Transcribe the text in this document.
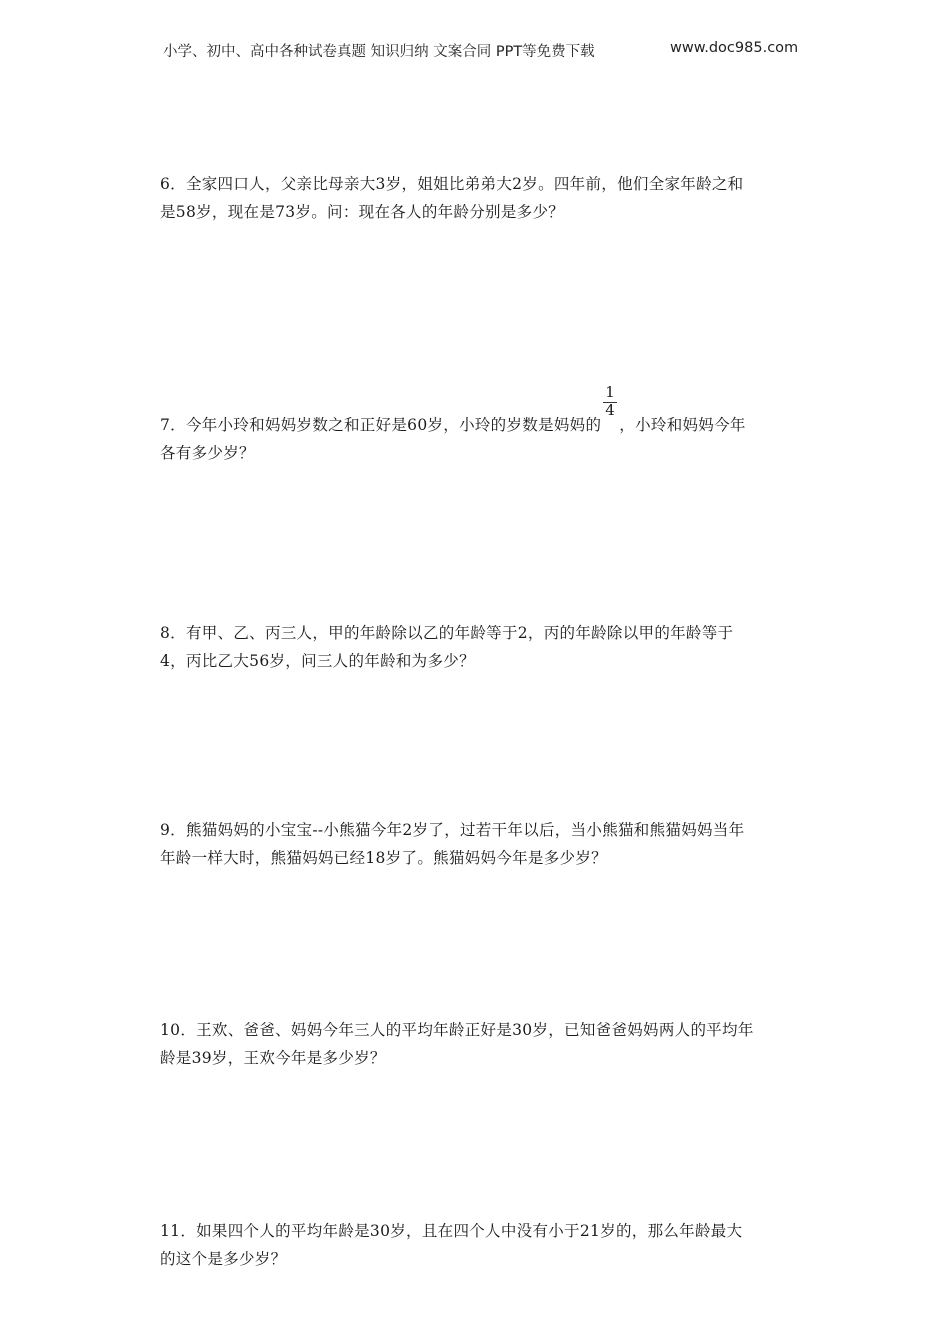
小学、初中、高中各种试卷真题 知识归纳 文案合同 PPT等免费下载	www.doc985.com

6．全家四口人，父亲比母亲大3岁，姐姐比弟弟大2岁。四年前，他们全家年龄之和

是58岁，现在是73岁。问：现在各人的年龄分别是多少？

7．今年小玲和妈妈岁数之和正好是60岁，小玲的岁数是妈妈的 $\frac{1}{4}$ ，小玲和妈妈今年

各有多少岁？

8．有甲、乙、丙三人，甲的年龄除以乙的年龄等于2，丙的年龄除以甲的年龄等于

4，丙比乙大56岁，问三人的年龄和为多少？

9．熊猫妈妈的小宝宝--小熊猫今年2岁了，过若干年以后，当小熊猫和熊猫妈妈当年

年龄一样大时，熊猫妈妈已经18岁了。熊猫妈妈今年是多少岁？

10．王欢、爸爸、妈妈今年三人的平均年龄正好是30岁，已知爸爸妈妈两人的平均年

龄是39岁，王欢今年是多少岁？

11．如果四个人的平均年龄是30岁，且在四个人中没有小于21岁的，那么年龄最大

的这个是多少岁？
